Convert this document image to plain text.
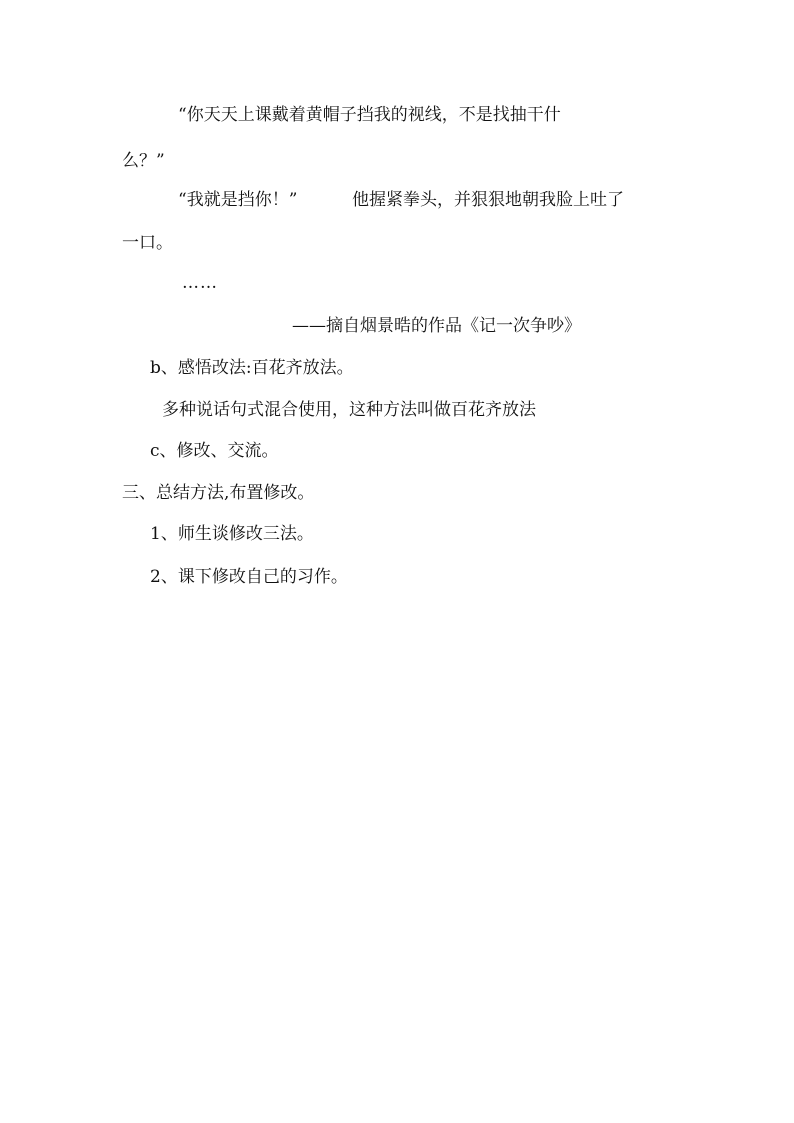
“你天天上课戴着黄帽子挡我的视线，不是找抽干什
么？”
“我就是挡你！”	他握紧拳头，并狠狠地朝我脸上吐了
一口。
……
——摘自烟景晧的作品《记一次争吵》
b、感悟改法:百花齐放法。
多种说话句式混合使用，这种方法叫做百花齐放法
c、修改、交流。
三、总结方法,布置修改。
1、师生谈修改三法。
2、课下修改自己的习作。
